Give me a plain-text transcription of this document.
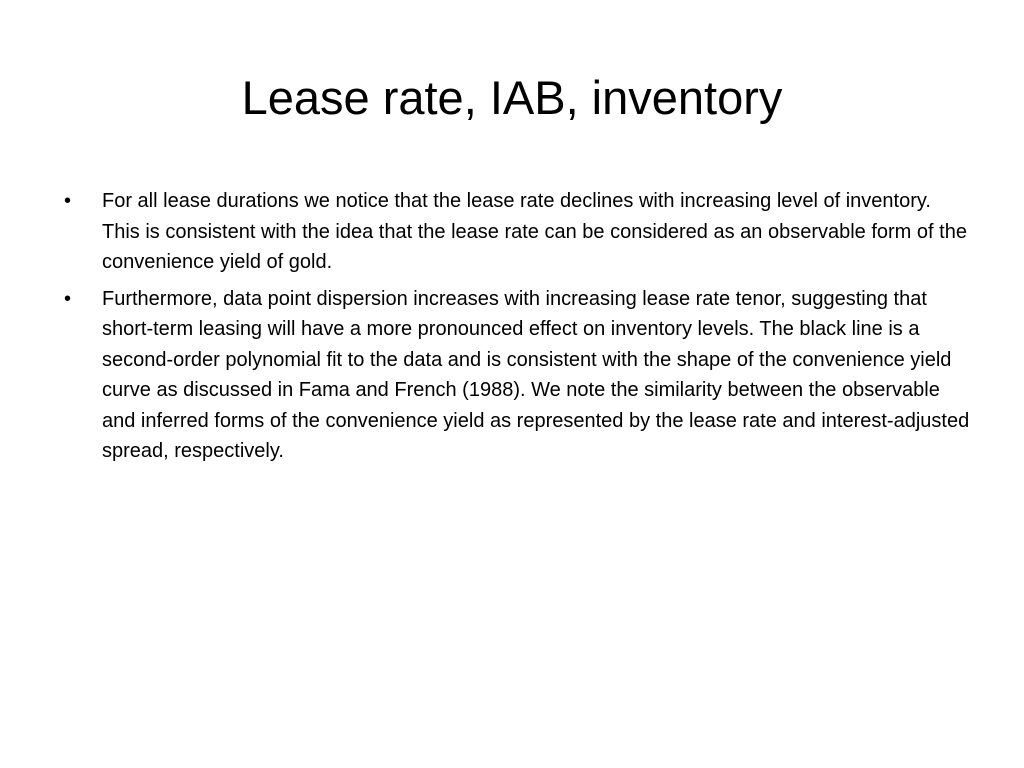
Lease rate, IAB, inventory
• For all lease durations we notice that the lease rate declines with increasing level of inventory. This is consistent with the idea that the lease rate can be considered as an observable form of the convenience yield of gold.
• Furthermore, data point dispersion increases with increasing lease rate tenor, suggesting that short-term leasing will have a more pronounced effect on inventory levels. The black line is a second-order polynomial fit to the data and is consistent with the shape of the convenience yield curve as discussed in Fama and French (1988). We note the similarity between the observable and inferred forms of the convenience yield as represented by the lease rate and interest-adjusted spread, respectively.
